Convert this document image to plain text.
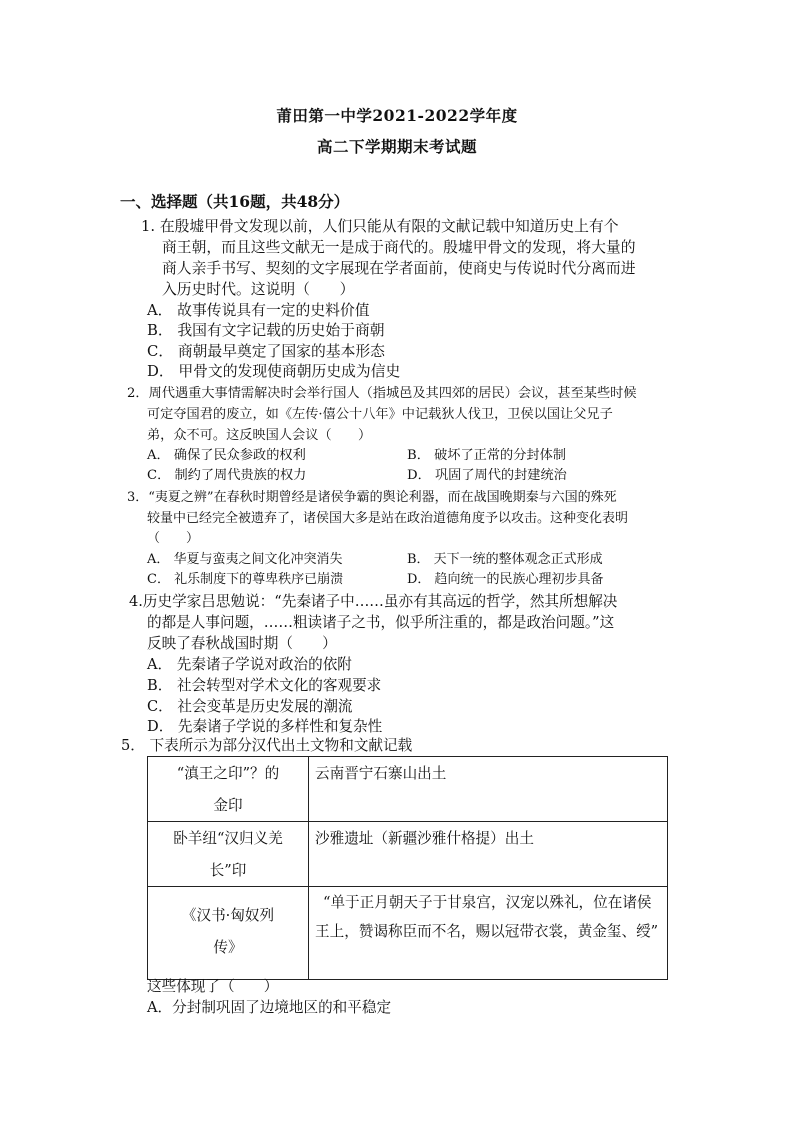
莆田第一中学2021-2022学年度
高二下学期期末考试题
一、选择题（共16题，共48分）
1. 在殷墟甲骨文发现以前，人们只能从有限的文献记载中知道历史上有个
商王朝，而且这些文献无一是成于商代的。殷墟甲骨文的发现，将大量的
商人亲手书写、契刻的文字展现在学者面前，使商史与传说时代分离而进
入历史时代。这说明（　　）
A． 故事传说具有一定的史料价值
B． 我国有文字记载的历史始于商朝
C． 商朝最早奠定了国家的基本形态
D． 甲骨文的发现使商朝历史成为信史
2．周代遇重大事情需解决时会举行国人（指城邑及其四郊的居民）会议，甚至某些时候
可定夺国君的废立，如《左传·僖公十八年》中记载狄人伐卫，卫侯以国让父兄子
弟，众不可。这反映国人会议（　　）
A． 确保了民众参政的权利	B． 破坏了正常的分封体制
C． 制约了周代贵族的权力	D． 巩固了周代的封建统治
3．“夷夏之辨”在春秋时期曾经是诸侯争霸的舆论利器，而在战国晚期秦与六国的殊死
较量中已经完全被遗弃了，诸侯国大多是站在政治道德角度予以攻击。这种变化表明
（　　）
A． 华夏与蛮夷之间文化冲突消失	B． 天下一统的整体观念正式形成
C． 礼乐制度下的尊卑秩序已崩溃	D． 趋向统一的民族心理初步具备
4.历史学家吕思勉说：“先秦诸子中……虽亦有其高远的哲学，然其所想解决
的都是人事问题，……粗读诸子之书，似乎所注重的，都是政治问题。”这
反映了春秋战国时期（　　）
A． 先秦诸子学说对政治的依附
B． 社会转型对学术文化的客观要求
C． 社会变革是历史发展的潮流
D． 先秦诸子学说的多样性和复杂性
5． 下表所示为部分汉代出土文物和文献记载
“滇王之印”？的
金印	云南晋宁石寨山出土

卧羊纽“汉归义羌
长”印	沙雅遗址（新疆沙雅什格提）出土

《汉书·匈奴列
传》	“单于正月朝天子于甘泉宫，汉宠以殊礼，位在诸侯王上，赞谒称臣而不名，赐以冠带衣裳，黄金玺、绶”
这些体现了（　　）
A．分封制巩固了边境地区的和平稳定
